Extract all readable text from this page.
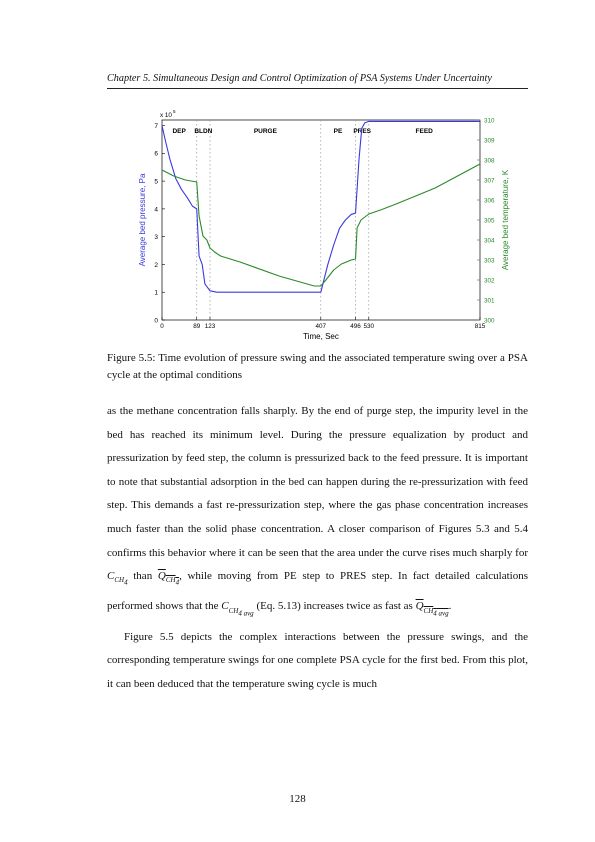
Chapter 5. Simultaneous Design and Control Optimization of PSA Systems Under Uncertainty
DEP BLDN	PURGE	PE PRES	FEED
0
1
2
3
4
5
6
7
300
301
302
303
304
305
306
307
308
309
310
0	89 123	407	496 530	815
x 10
5
Time, Sec
Average bed pressure, Pa	Average bed temperature, K
Figure 5.5: Time evolution of pressure swing and the associated temperature swing over a PSA cycle at the optimal conditions

as the methane concentration falls sharply. By the end of purge step, the impurity level in the bed has reached its minimum level. During the pressure equalization by product and pressurization by feed step, the column is pressurized back to the feed pressure. It is important to note that substantial adsorption in the bed can happen during the re-pressurization with feed step. This demands a fast re-pressurization step, where the gas phase concentration increases much faster than the solid phase concentration. A closer comparison of Figures 5.3 and 5.4 confirms this behavior where it can be seen that the area under the curve rises much sharply for $C_{CH_4}$ than $Q_{CH_4}$, while moving from PE step to PRES step. In fact detailed calculations performed shows that the $C_{CH_{4 avg}}$ (Eq. 5.13) increases twice as fast as $Q_{CH_{4 avg}}$.

Figure 5.5 depicts the complex interactions between the pressure swings, and the corresponding temperature swings for one complete PSA cycle for the first bed. From this plot, it can been deduced that the temperature swing cycle is much

128
